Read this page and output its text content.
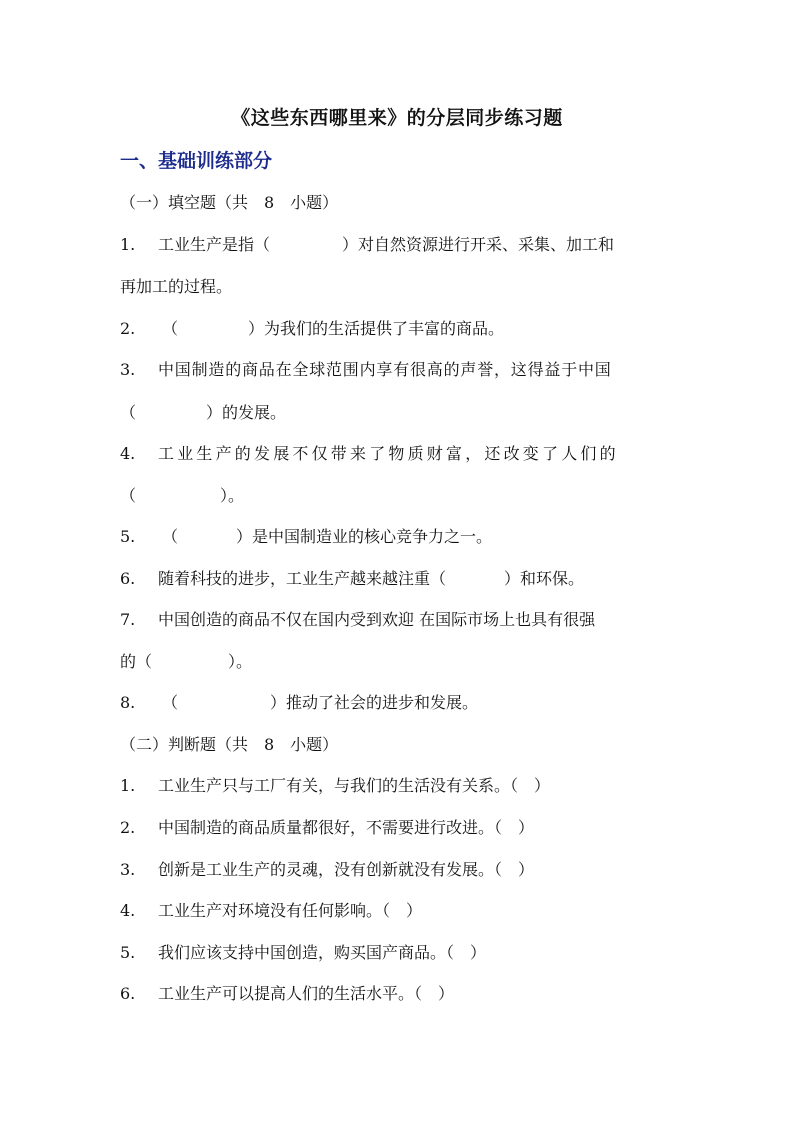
《这些东西哪里来》的分层同步练习题
一、基础训练部分
（一）填空题（共　8　小题）
1. 工业生产是指（	）对自然资源进行开采、采集、加工和
再加工的过程。
2. （	）为我们的生活提供了丰富的商品。
3. 中国制造的商品在全球范围内享有很高的声誉，这得益于中国
（	）的发展。
4. 工业生产的发展不仅带来了物质财富，还改变了人们的
（	）。
5. （	）是中国制造业的核心竞争力之一。
6. 随着科技的进步，工业生产越来越注重（	）和环保。
7. 中国创造的商品不仅在国内受到欢迎 在国际市场上也具有很强
的（	）。
8. （	）推动了社会的进步和发展。
（二）判断题（共　8　小题）
1. 工业生产只与工厂有关，与我们的生活没有关系。（　）
2. 中国制造的商品质量都很好，不需要进行改进。（　）
3. 创新是工业生产的灵魂，没有创新就没有发展。（　）
4. 工业生产对环境没有任何影响。（　）
5. 我们应该支持中国创造，购买国产商品。（　）
6. 工业生产可以提高人们的生活水平。（　）
